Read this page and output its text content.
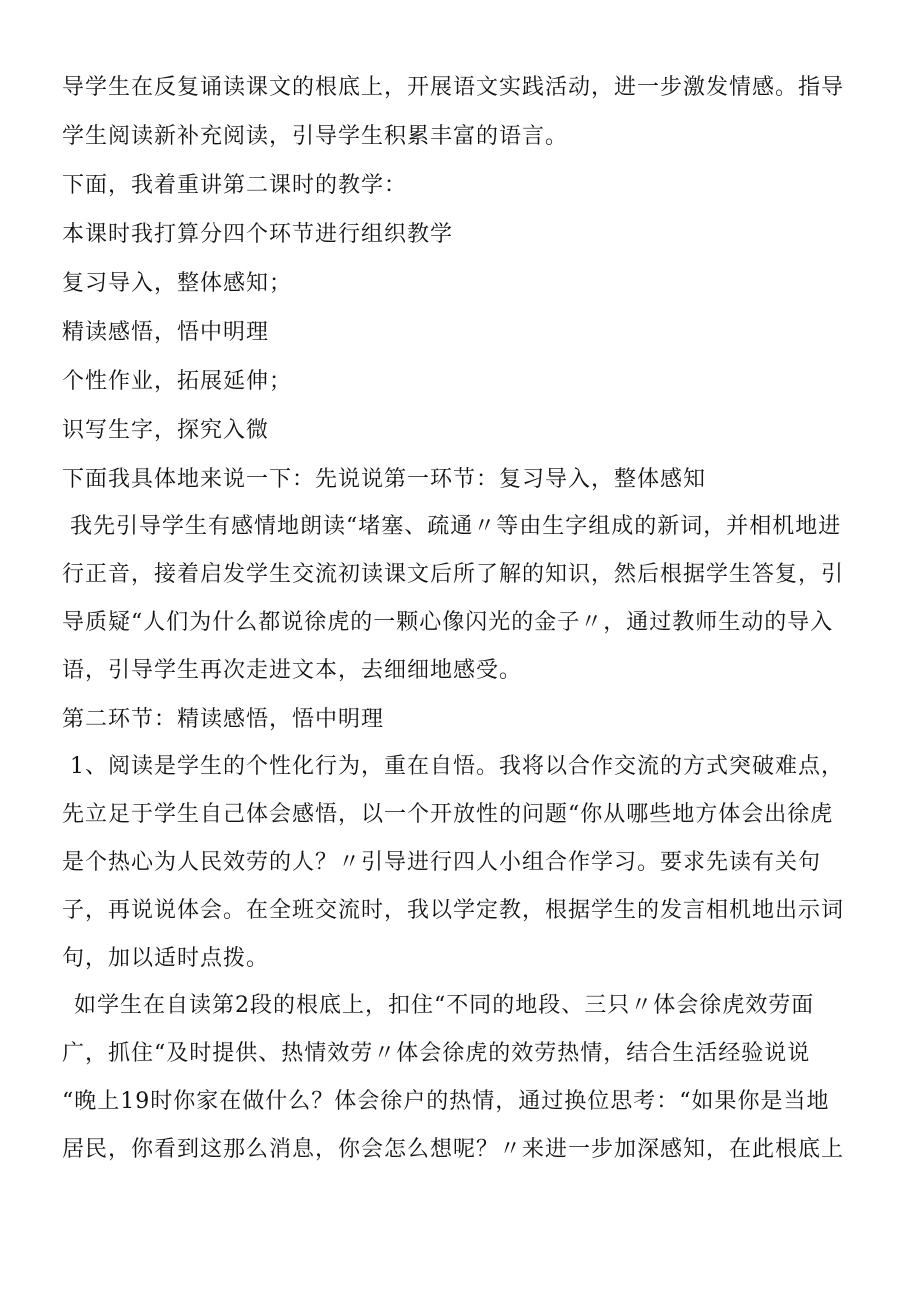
导学生在反复诵读课文的根底上，开展语文实践活动，进一步激发情感。指导
学生阅读新补充阅读，引导学生积累丰富的语言。
下面，我着重讲第二课时的教学：
本课时我打算分四个环节进行组织教学
复习导入，整体感知；
精读感悟，悟中明理
个性作业，拓展延伸；
识写生字，探究入微
下面我具体地来说一下：先说说第一环节：复习导入，整体感知
我先引导学生有感情地朗读“堵塞、疏通〃等由生字组成的新词，并相机地进
行正音，接着启发学生交流初读课文后所了解的知识，然后根据学生答复，引
导质疑“人们为什么都说徐虎的一颗心像闪光的金子〃，通过教师生动的导入
语，引导学生再次走进文本，去细细地感受。
第二环节：精读感悟，悟中明理
1、阅读是学生的个性化行为，重在自悟。我将以合作交流的方式突破难点，
先立足于学生自己体会感悟，以一个开放性的问题“你从哪些地方体会出徐虎
是个热心为人民效劳的人？〃引导进行四人小组合作学习。要求先读有关句
子，再说说体会。在全班交流时，我以学定教，根据学生的发言相机地出示词
句，加以适时点拨。
如学生在自读第2段的根底上，扣住“不同的地段、三只〃体会徐虎效劳面
广，抓住“及时提供、热情效劳〃体会徐虎的效劳热情，结合生活经验说说
“晚上19时你家在做什么？体会徐户的热情，通过换位思考：“如果你是当地
居民，你看到这那么消息，你会怎么想呢？〃来进一步加深感知，在此根底上
